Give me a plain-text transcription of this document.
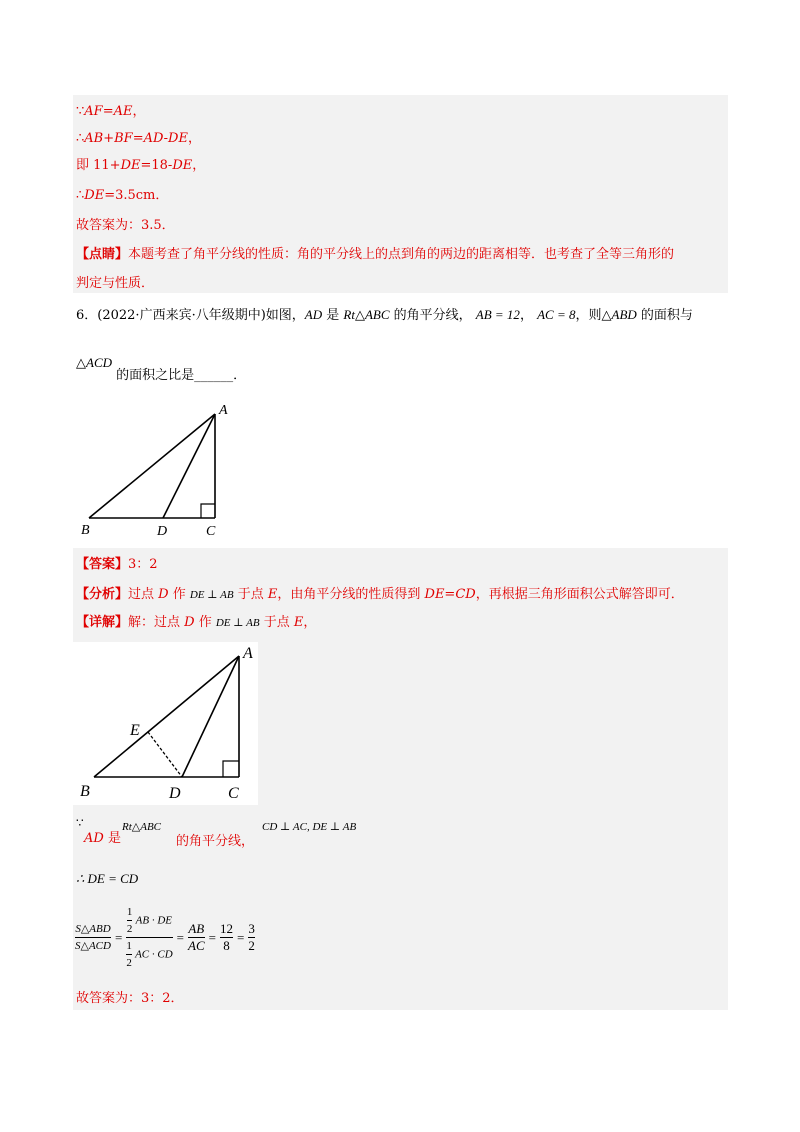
∵AF=AE，
∴AB+BF=AD-DE，
即 11+DE=18-DE，
∴DE=3.5cm．
故答案为：3.5．
【点睛】本题考查了角平分线的性质：角的平分线上的点到角的两边的距离相等．也考查了全等三角形的
判定与性质．
6．(2022·广西来宾·八年级期中)如图，AD 是 Rt△ABC 的角平分线， AB = 12， AC = 8，则△ABD 的面积与
△ACD 的面积之比是______．
A
B	D	C
【答案】3：2
【分析】过点 D 作 DE ⊥ AB 于点 E，由角平分线的性质得到 DE=CD，再根据三角形面积公式解答即可．
【详解】解：过点 D 作 DE ⊥ AB 于点 E，
A
E
B	D	C
∵
AD 是
Rt△ABC
的角平分线，
CD ⊥ AC, DE ⊥ AB
∴ DE = CD
$\frac{\text{S△ABD}}{\text{S△ACD}} = \frac{\frac{1}{2} AB \cdot DE}{\frac{1}{2} AC \cdot CD} = \frac{AB}{AC} = \frac{12}{8} = \frac{3}{2}$
故答案为：3：2．
